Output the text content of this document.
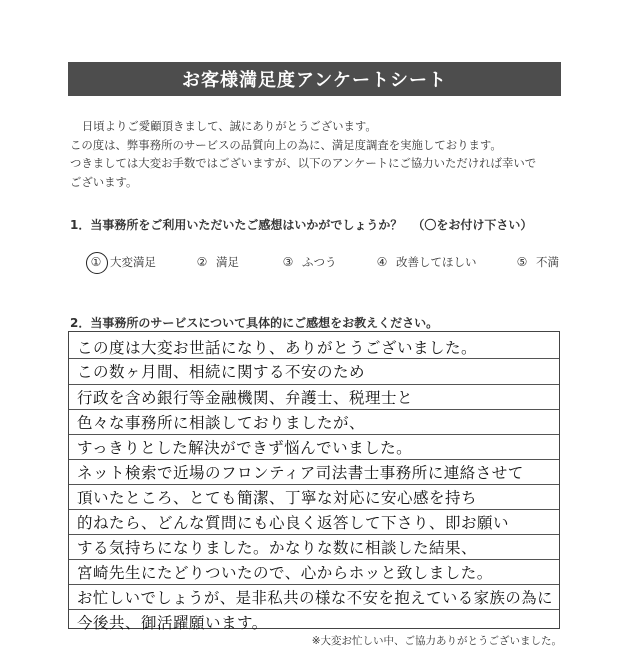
お客様満足度アンケートシート

日頃よりご愛顧頂きまして、誠にありがとうございます。

この度は、弊事務所のサービスの品質向上の為に、満足度調査を実施しております。

つきましては大変お手数ではございますが、以下のアンケートにご協力いただければ幸いで

ございます。

1．当事務所をご利用いただいたご感想はいかがでしょうか？ （〇をお付け下さい）
① 大変満足	② 満足	③ ふつう	④ 改善してほしい	⑤ 不満
2．当事務所のサービスについて具体的にご感想をお教えください。
この度は大変お世話になり、ありがとうございました。
この数ヶ月間、相続に関する不安のため
行政を含め銀行等金融機関、弁護士、税理士と
色々な事務所に相談しておりましたが、
すっきりとした解決ができず悩んでいました。
ネット検索で近場のフロンティア司法書士事務所に連絡させて
頂いたところ、とても簡潔、丁寧な対応に安心感を持ち
的ねたら、どんな質問にも心良く返答して下さり、即お願い
する気持ちになりました。かなりな数に相談した結果、
宮崎先生にたどりついたので、心からホッと致しました。
お忙しいでしょうが、是非私共の様な不安を抱えている家族の為に
今後共、御活躍願います。
※大変お忙しい中、ご協力ありがとうございました。
